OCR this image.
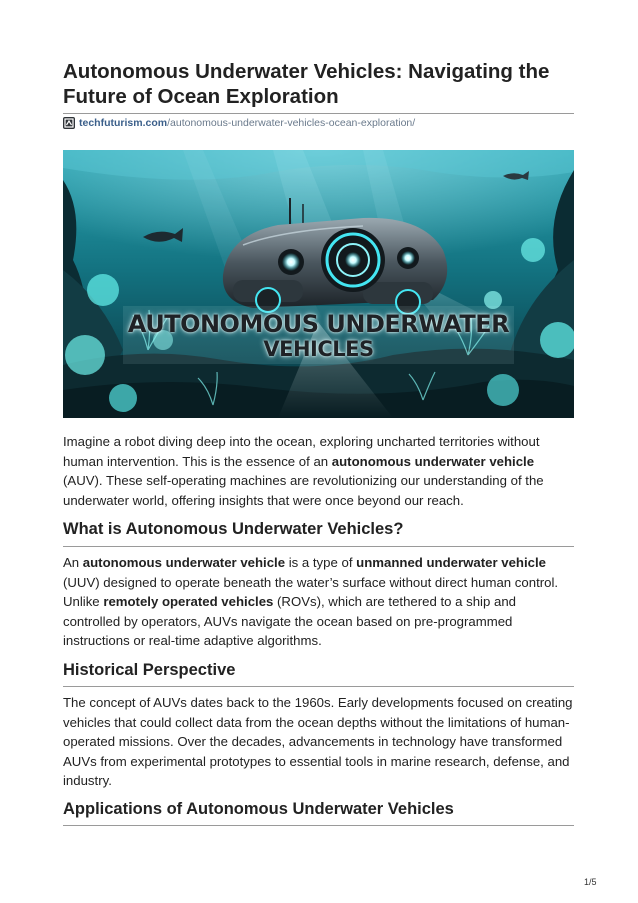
Autonomous Underwater Vehicles: Navigating the
Future of Ocean Exploration
techfuturism.com /autonomous-underwater-vehicles-ocean-exploration/
AUTONOMOUS UNDERWATER
VEHICLES

Imagine a robot diving deep into the ocean, exploring uncharted territories without human intervention. This is the essence of an autonomous underwater vehicle (AUV). These self-operating machines are revolutionizing our understanding of the underwater world, offering insights that were once beyond our reach.

What is Autonomous Underwater Vehicles?

An autonomous underwater vehicle is a type of unmanned underwater vehicle (UUV) designed to operate beneath the water’s surface without direct human control. Unlike remotely operated vehicles (ROVs), which are tethered to a ship and controlled by operators, AUVs navigate the ocean based on pre-programmed instructions or real-time adaptive algorithms.

Historical Perspective

The concept of AUVs dates back to the 1960s. Early developments focused on creating vehicles that could collect data from the ocean depths without the limitations of human-operated missions. Over the decades, advancements in technology have transformed AUVs from experimental prototypes to essential tools in marine research, defense, and industry.

Applications of Autonomous Underwater Vehicles
1/5
